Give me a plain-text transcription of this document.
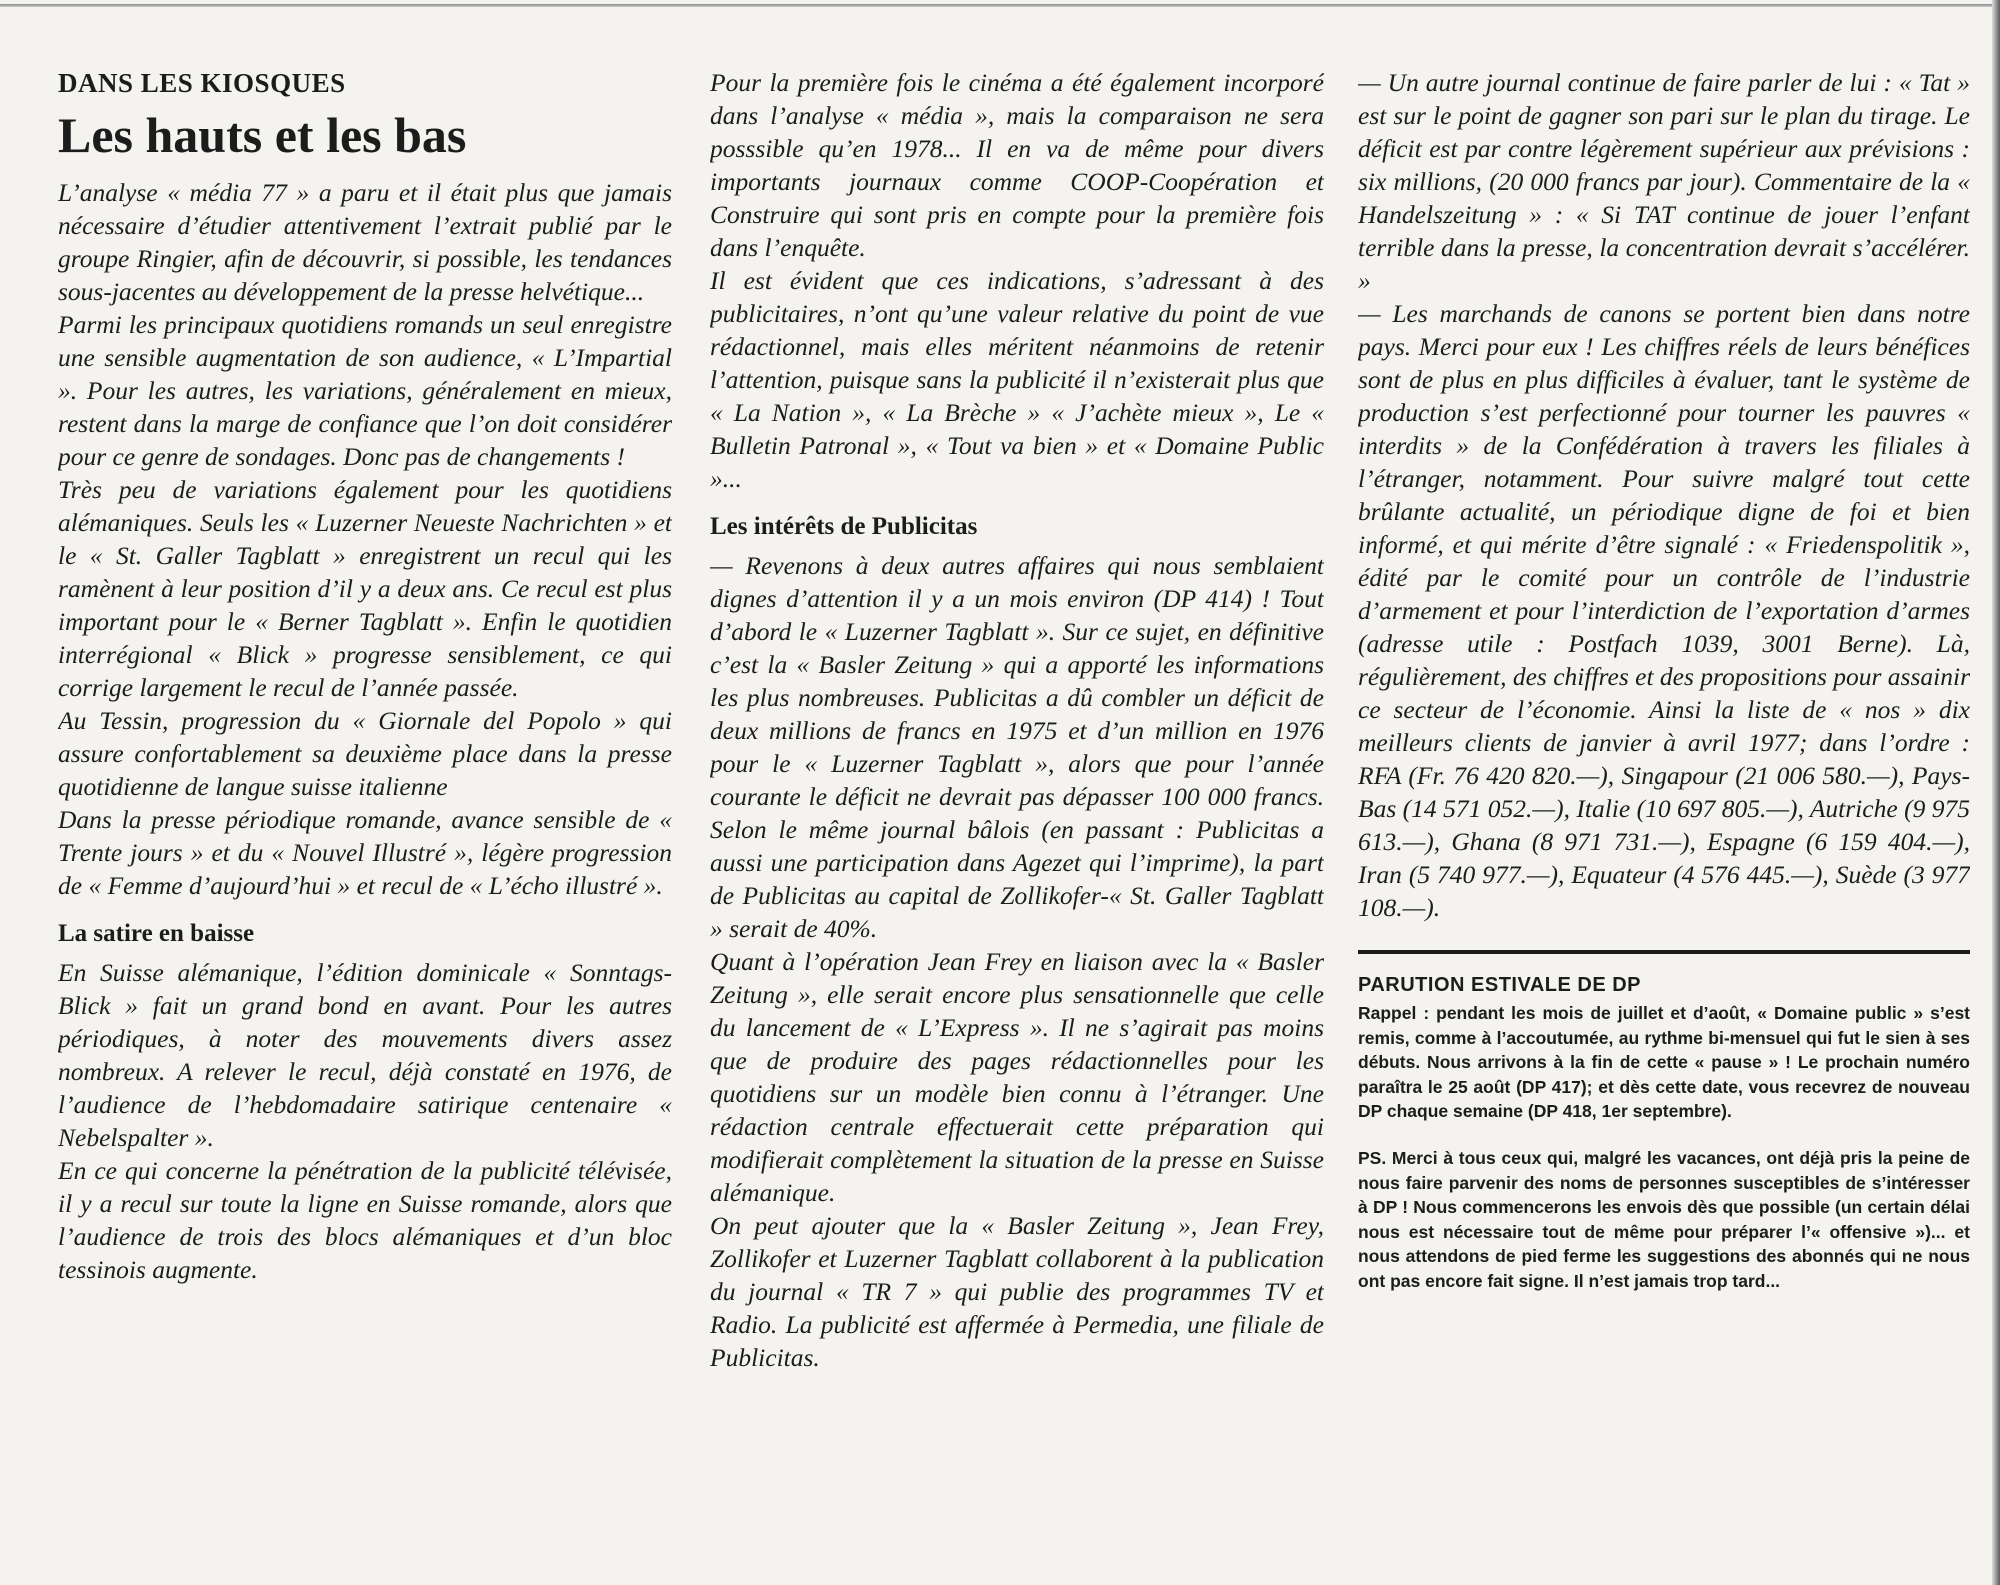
DANS LES KIOSQUES
Les hauts et les bas

L’analyse « média 77 » a paru et il était plus que jamais nécessaire d’étudier attentivement l’extrait publié par le groupe Ringier, afin de découvrir, si possible, les tendances sous-jacentes au développement de la presse helvétique...

Parmi les principaux quotidiens romands un seul enregistre une sensible augmentation de son audience, « L’Impartial ». Pour les autres, les variations, généralement en mieux, restent dans la marge de confiance que l’on doit considérer pour ce genre de sondages. Donc pas de changements !

Très peu de variations également pour les quotidiens alémaniques. Seuls les « Luzerner Neueste Nachrichten » et le « St. Galler Tagblatt » enregistrent un recul qui les ramènent à leur position d’il y a deux ans. Ce recul est plus important pour le « Berner Tagblatt ». Enfin le quotidien interrégional « Blick » progresse sensiblement, ce qui corrige largement le recul de l’année passée.

Au Tessin, progression du « Giornale del Popolo » qui assure confortablement sa deuxième place dans la presse quotidienne de langue suisse italienne

Dans la presse périodique romande, avance sensible de « Trente jours » et du « Nouvel Illustré », légère progression de « Femme d’aujourd’hui » et recul de « L’écho illustré ».

La satire en baisse

En Suisse alémanique, l’édition dominicale « Sonntags-Blick » fait un grand bond en avant. Pour les autres périodiques, à noter des mouvements divers assez nombreux. A relever le recul, déjà constaté en 1976, de l’audience de l’hebdomadaire satirique centenaire « Nebelspalter ».

En ce qui concerne la pénétration de la publicité télévisée, il y a recul sur toute la ligne en Suisse romande, alors que l’audience de trois des blocs alémaniques et d’un bloc tessinois augmente.

Pour la première fois le cinéma a été également incorporé dans l’analyse « média », mais la comparaison ne sera posssible qu’en 1978... Il en va de même pour divers importants journaux comme COOP-Coopération et Construire qui sont pris en compte pour la première fois dans l’enquête.

Il est évident que ces indications, s’adressant à des publicitaires, n’ont qu’une valeur relative du point de vue rédactionnel, mais elles méritent néanmoins de retenir l’attention, puisque sans la publicité il n’existerait plus que « La Nation », « La Brèche » « J’achète mieux », Le « Bulletin Patronal », « Tout va bien » et « Domaine Public »...

Les intérêts de Publicitas

— Revenons à deux autres affaires qui nous semblaient dignes d’attention il y a un mois environ (DP 414) ! Tout d’abord le « Luzerner Tagblatt ». Sur ce sujet, en définitive c’est la « Basler Zeitung » qui a apporté les informations les plus nombreuses. Publicitas a dû combler un déficit de deux millions de francs en 1975 et d’un million en 1976 pour le « Luzerner Tagblatt », alors que pour l’année courante le déficit ne devrait pas dépasser 100 000 francs. Selon le même journal bâlois (en passant : Publicitas a aussi une participation dans Agezet qui l’imprime), la part de Publicitas au capital de Zollikofer-« St. Galler Tagblatt » serait de 40%.

Quant à l’opération Jean Frey en liaison avec la « Basler Zeitung », elle serait encore plus sensationnelle que celle du lancement de « L’Express ». Il ne s’agirait pas moins que de produire des pages rédactionnelles pour les quotidiens sur un modèle bien connu à l’étranger. Une rédaction centrale effectuerait cette préparation qui modifierait complètement la situation de la presse en Suisse alémanique.

On peut ajouter que la « Basler Zeitung », Jean Frey, Zollikofer et Luzerner Tagblatt collaborent à la publication du journal « TR 7 » qui publie des programmes TV et Radio. La publicité est affermée à Permedia, une filiale de Publicitas.

— Un autre journal continue de faire parler de lui : « Tat » est sur le point de gagner son pari sur le plan du tirage. Le déficit est par contre légèrement supérieur aux prévisions : six millions, (20 000 francs par jour). Commentaire de la « Handelszeitung » : « Si TAT continue de jouer l’enfant terrible dans la presse, la concentration devrait s’accélérer. »

— Les marchands de canons se portent bien dans notre pays. Merci pour eux ! Les chiffres réels de leurs bénéfices sont de plus en plus difficiles à évaluer, tant le système de production s’est perfectionné pour tourner les pauvres « interdits » de la Confédération à travers les filiales à l’étranger, notamment. Pour suivre malgré tout cette brûlante actualité, un périodique digne de foi et bien informé, et qui mérite d’être signalé : « Friedenspolitik », édité par le comité pour un contrôle de l’industrie d’armement et pour l’interdiction de l’exportation d’armes (adresse utile : Postfach 1039, 3001 Berne). Là, régulièrement, des chiffres et des propositions pour assainir ce secteur de l’économie. Ainsi la liste de « nos » dix meilleurs clients de janvier à avril 1977; dans l’ordre : RFA (Fr. 76 420 820.—), Singapour (21 006 580.—), Pays-Bas (14 571 052.—), Italie (10 697 805.—), Autriche (9 975 613.—), Ghana (8 971 731.—), Espagne (6 159 404.—), Iran (5 740 977.—), Equateur (4 576 445.—), Suède (3 977 108.—).

PARUTION ESTIVALE DE DP

Rappel : pendant les mois de juillet et d’août, « Domaine public » s’est remis, comme à l’accoutumée, au rythme bi-mensuel qui fut le sien à ses débuts. Nous arrivons à la fin de cette « pause » ! Le prochain numéro paraîtra le 25 août (DP 417); et dès cette date, vous recevrez de nouveau DP chaque semaine (DP 418, 1er septembre).

PS. Merci à tous ceux qui, malgré les vacances, ont déjà pris la peine de nous faire parvenir des noms de personnes susceptibles de s’intéresser à DP ! Nous commencerons les envois dès que possible (un certain délai nous est nécessaire tout de même pour préparer l’« offensive »)... et nous attendons de pied ferme les suggestions des abonnés qui ne nous ont pas encore fait signe. Il n’est jamais trop tard...
